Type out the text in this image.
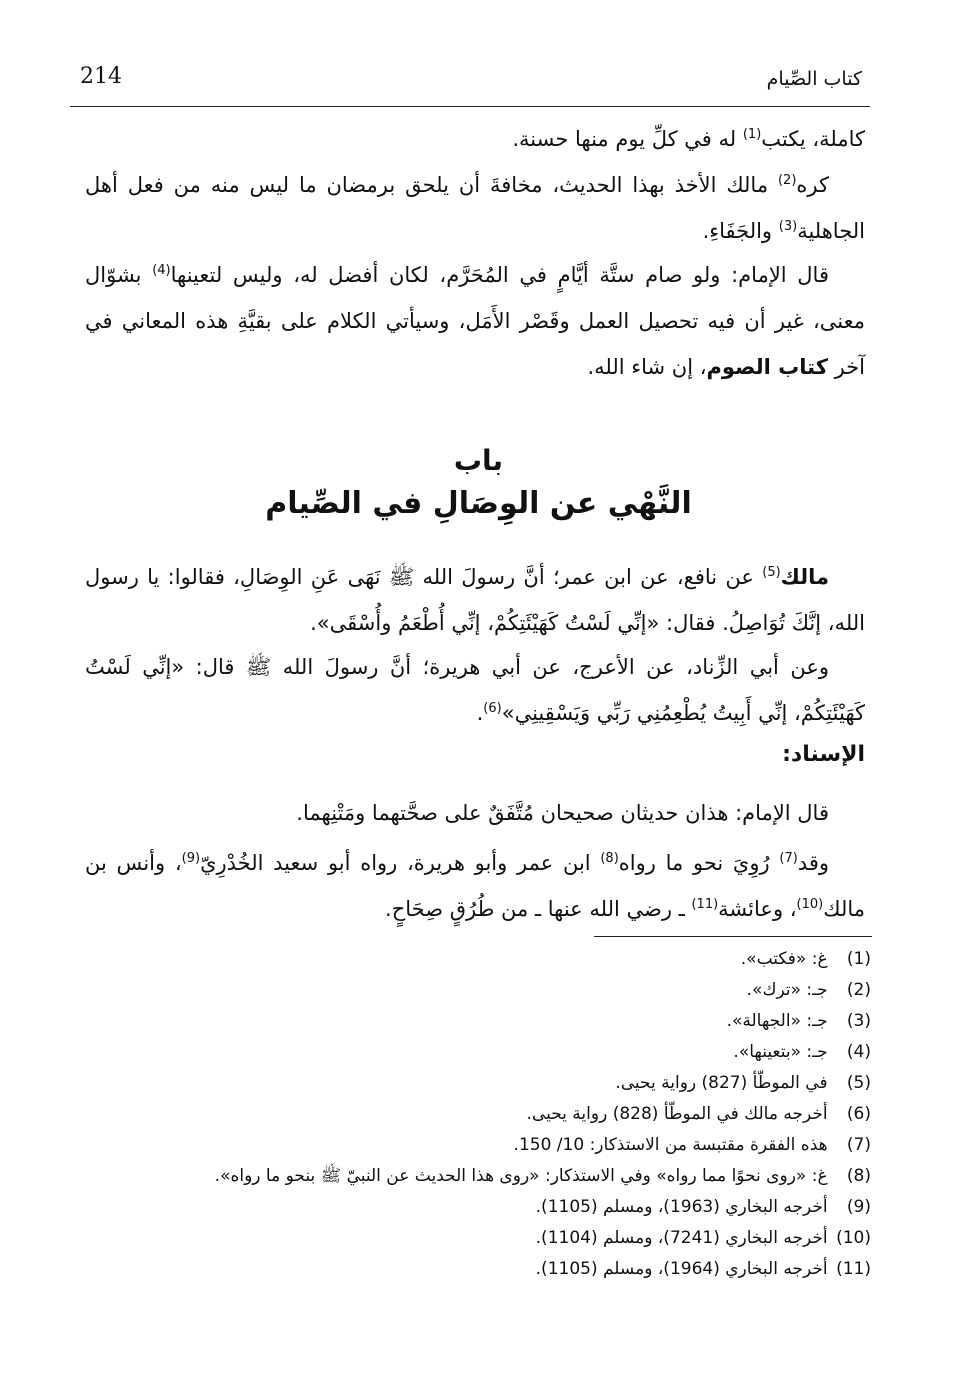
214	كتاب الصِّيام

كاملة، يكتب$^{(1)}$ له في كلِّ يوم منها حسنة.

كره$^{(2)}$ مالك الأخذ بهذا الحديث، مخافةَ أن يلحق برمضان ما ليس منه من فعل أهل الجاهلية$^{(3)}$ والجَفَاءِ.

قال الإمام: ولو صام ستَّة أيَّامٍ في المُحَرَّم، لكان أفضل له، وليس لتعينها$^{(4)}$ بشوّال معنى، غير أن فيه تحصيل العمل وقَصْر الأَمَل، وسيأتي الكلام على بقيَّةِ هذه المعاني في آخر كتاب الصوم، إن شاء الله.

باب
النَّهْي عن الوِصَالِ في الصِّيام

مالك$^{(5)}$ عن نافع، عن ابن عمر؛ أنَّ رسولَ الله ﷺ نَهَى عَنِ الوِصَالِ، فقالوا: يا رسول الله، إنَّكَ تُوَاصِلُ. فقال: «إنِّي لَسْتُ كَهَيْئَتِكُمْ، إنِّي أُطْعَمُ وأُسْقَى».

وعن أبي الزِّناد، عن الأعرج، عن أبي هريرة؛ أنَّ رسولَ الله ﷺ قال: «إنِّي لَسْتُ كَهَيْئَتِكُمْ، إنِّي أَبِيتُ يُطْعِمُنِي رَبِّي وَيَسْقِينِي»$^{(6)}$.

الإسناد:

قال الإمام: هذان حديثان صحيحان مُتَّفَقٌ على صحَّتهما ومَتْنِهما.

وقد$^{(7)}$ رُوِيَ نحو ما رواه$^{(8)}$ ابن عمر وأبو هريرة، رواه أبو سعيد الخُدْرِيّ$^{(9)}$، وأنس بن مالك$^{(10)}$، وعائشة$^{(11)}$ ـ رضي الله عنها ـ من طُرُقٍ صِحَاحٍ.

(1) غ: «فكتب».
(2) جـ: «ترك».
(3) جـ: «الجهالة».
(4) جـ: «بتعينها».
(5) في الموطّأ (827) رواية يحيى.
(6) أخرجه مالك في الموطّأ (828) رواية يحيى.
(7) هذه الفقرة مقتبسة من الاستذكار: 10/ 150.
(8) غ: «روى نحوًا مما رواه» وفي الاستذكار: «روى هذا الحديث عن النبيّ ﷺ بنحو ما رواه».
(9) أخرجه البخاري (1963)، ومسلم (1105).
(10) أخرجه البخاري (7241)، ومسلم (1104).
(11) أخرجه البخاري (1964)، ومسلم (1105).
